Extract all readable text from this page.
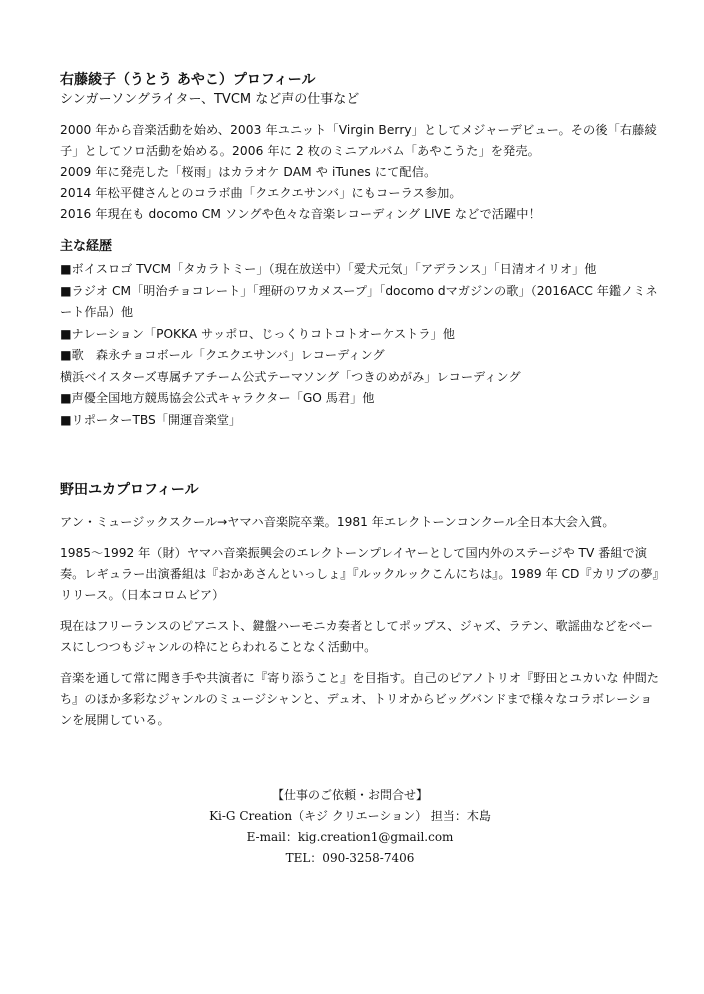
右藤綾子（うとう あやこ）プロフィール

シンガーソングライター、TVCM など声の仕事など

2000 年から音楽活動を始め、2003 年ユニット「Virgin Berry」としてメジャーデビュー。その後「右藤綾子」としてソロ活動を始める。2006 年に 2 枚のミニアルバム「あやこうた」を発売。

2009 年に発売した「桜雨」はカラオケ DAM や iTunes にて配信。

2014 年松平健さんとのコラボ曲「クエクエサンバ」にもコーラス参加。

2016 年現在も docomo CM ソングや色々な音楽レコーディング LIVE などで活躍中！

主な経歴

■ボイスロゴ TVCM「タカラトミー」（現在放送中）「愛犬元気」「アデランス」「日清オイリオ」他

■ラジオ CM「明治チョコレート」「理研のワカメスープ」「docomo dマガジンの歌」（2016ACC 年鑑ノミネート作品）他

■ナレーション「POKKA サッポロ、じっくりコトコトオーケストラ」他

■歌　森永チョコボール「クエクエサンバ」レコーディング

横浜ベイスターズ専属チアチーム公式テーマソング「つきのめがみ」レコーディング

■声優全国地方競馬協会公式キャラクター「GO 馬君」他

■リポーターTBS「開運音楽堂」

野田ユカプロフィール

アン・ミュージックスクール→ヤマハ音楽院卒業。1981 年エレクトーンコンクール全日本大会入賞。

1985～1992 年（財）ヤマハ音楽振興会のエレクトーンプレイヤーとして国内外のステージや TV 番組で演奏。レギュラー出演番組は『おかあさんといっしょ』『ルックルックこんにちは』。1989 年 CD『カリブの夢』リリース。（日本コロムビア）

現在はフリーランスのピアニスト、鍵盤ハーモニカ奏者としてポップス、ジャズ、ラテン、歌謡曲などをベースにしつつもジャンルの枠にとらわれることなく活動中。

音楽を通して常に聞き手や共演者に『寄り添うこと』を目指す。自己のピアノトリオ『野田とユカいな 仲間たち』のほか多彩なジャンルのミュージシャンと、デュオ、トリオからビッグバンドまで様々なコラボレーションを展開している。

【仕事のご依頼・お問合せ】
Ki-G Creation（キジ クリエーション） 担当：木島
E-mail：kig.creation1@gmail.com
TEL：090-3258-7406
